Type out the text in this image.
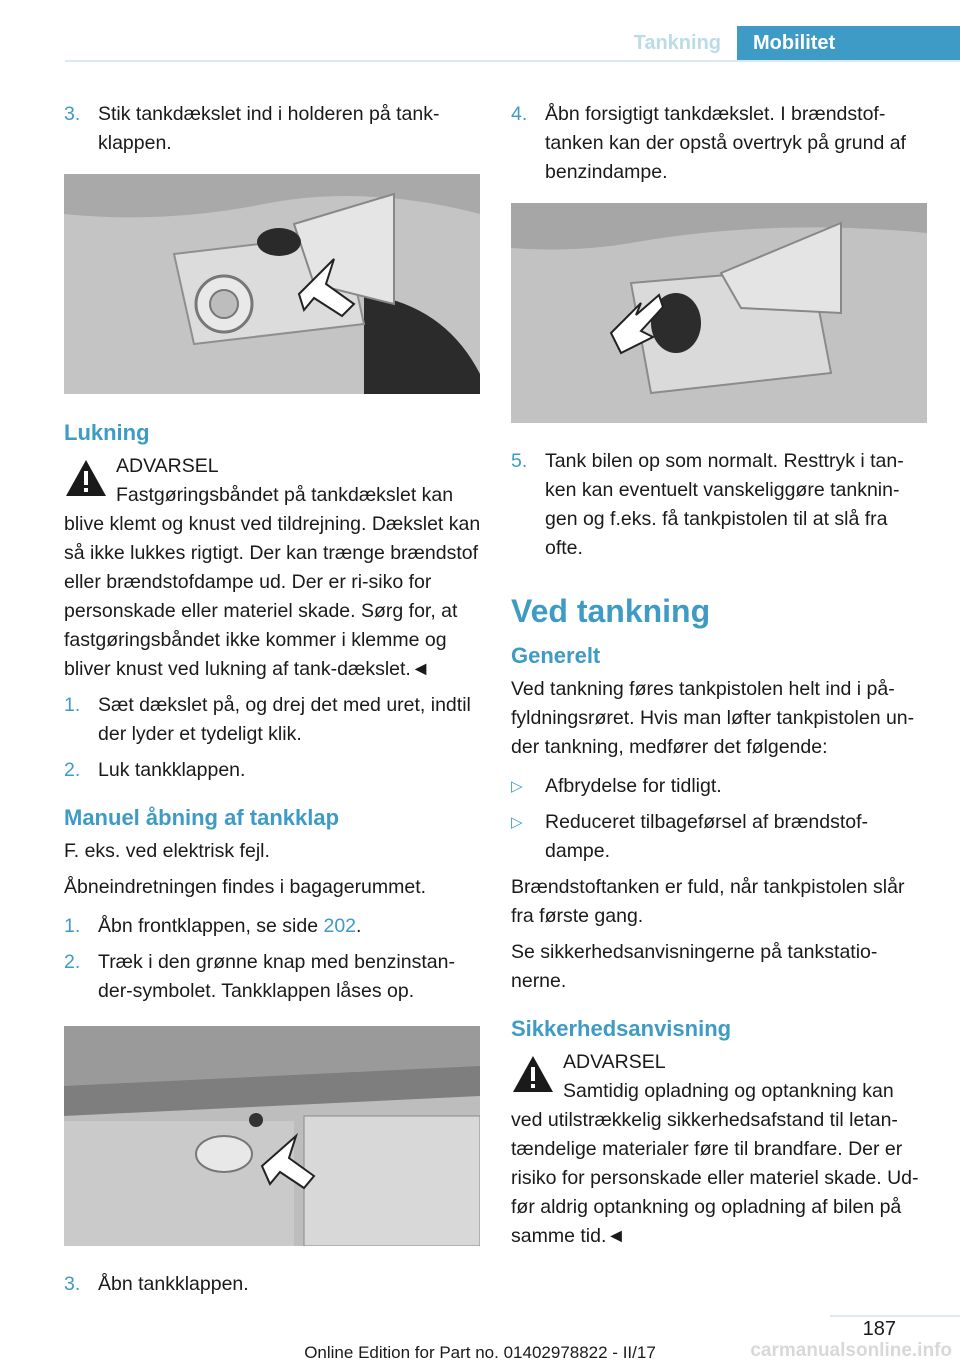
Tankning	Mobilitet
3. Stik tankdækslet ind i holderen på tank-klappen.
Lukning

ADVARSEL

Fastgøringsbåndet på tankdækslet kan blive klemt og knust ved tildrejning. Dækslet kan så ikke lukkes rigtigt. Der kan trænge brændstof eller brændstofdampe ud. Der er ri-siko for personskade eller materiel skade. Sørg for, at fastgøringsbåndet ikke kommer i klemme og bliver knust ved lukning af tank-dækslet.◄

1. Sæt dækslet på, og drej det med uret, indtil der lyder et tydeligt klik.
2. Luk tankklappen.
Manuel åbning af tankklap

F. eks. ved elektrisk fejl.

Åbneindretningen findes i bagagerummet.

1. Åbn frontklappen, se side 202.
2. Træk i den grønne knap med benzinstan-der-symbolet. Tankklappen låses op.
3. Åbn tankklappen.
4. Åbn forsigtigt tankdækslet. I brændstof-tanken kan der opstå overtryk på grund af benzindampe.
5. Tank bilen op som normalt. Resttryk i tan-ken kan eventuelt vanskeliggøre tanknin-gen og f.eks. få tankpistolen til at slå fra ofte.
Ved tankning
Generelt

Ved tankning føres tankpistolen helt ind i på-fyldningsrøret. Hvis man løfter tankpistolen un-der tankning, medfører det følgende:

▷	Afbrydelse for tidligt.
▷	Reduceret tilbageførsel af brændstof-dampe.

Brændstoftanken er fuld, når tankpistolen slår fra første gang.

Se sikkerhedsanvisningerne på tankstatio-nerne.

Sikkerhedsanvisning

ADVARSEL

Samtidig opladning og optankning kan ved utilstrækkelig sikkerhedsafstand til letan-tændelige materialer føre til brandfare. Der er risiko for personskade eller materiel skade. Ud-før aldrig optankning og opladning af bilen på samme tid.◄

187
Online Edition for Part no. 01402978822 - II/17	carmanualsonline.info
